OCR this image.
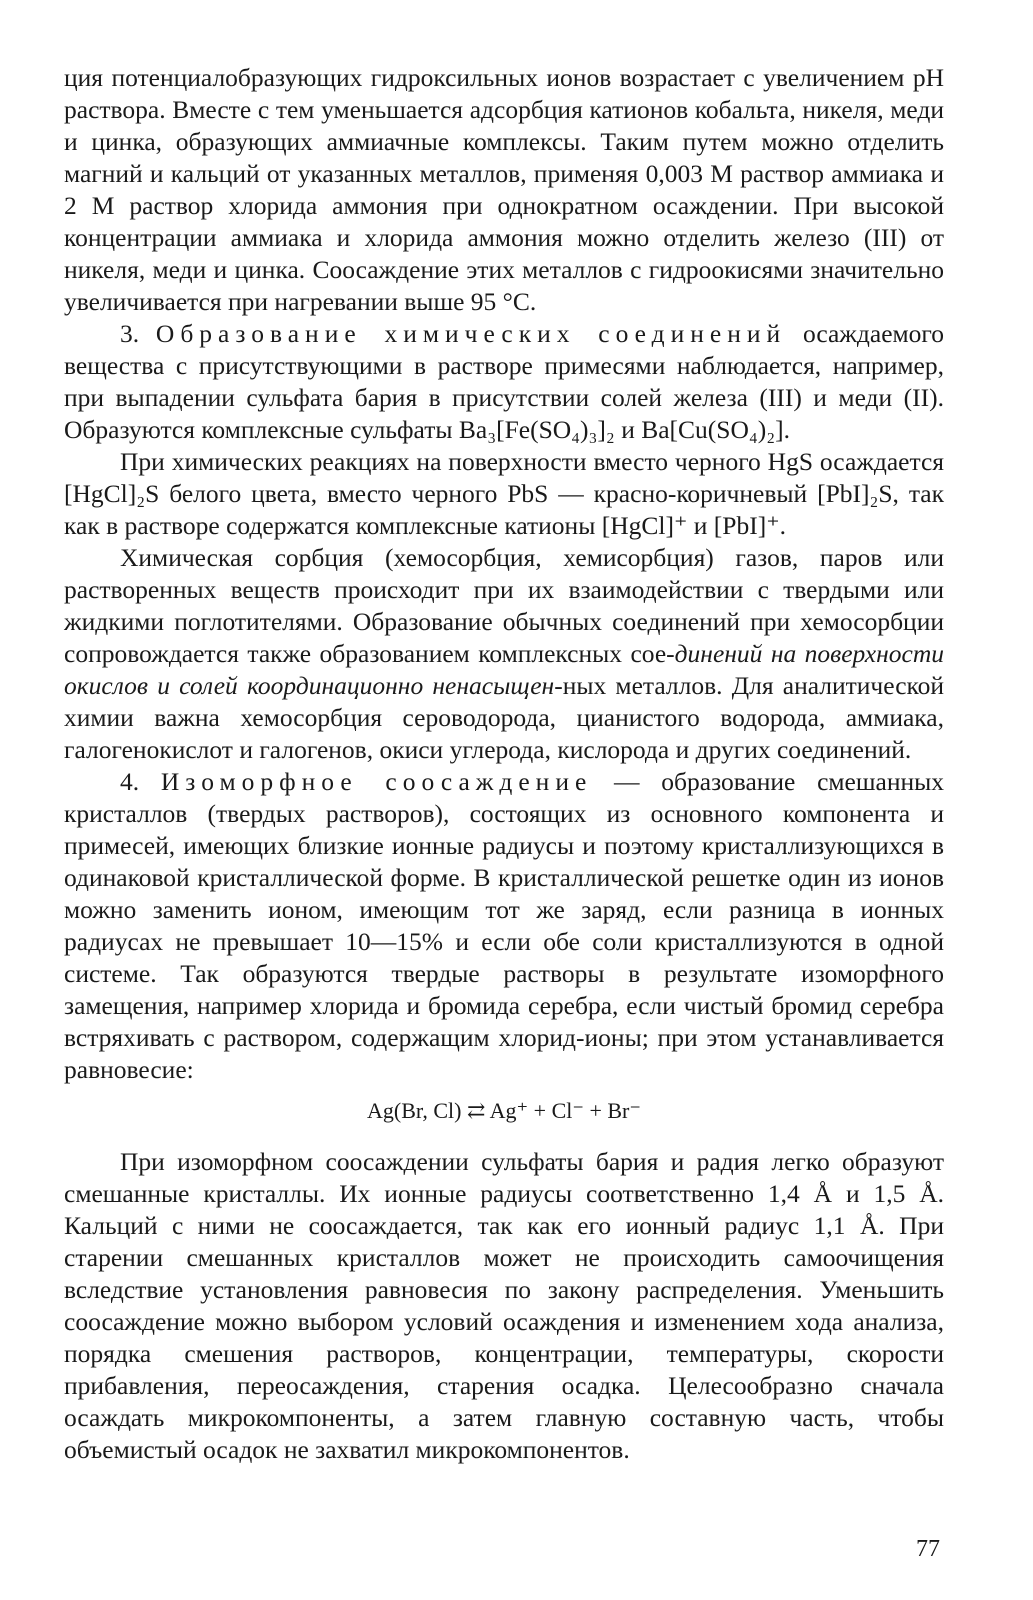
ция потенциалобразующих гидроксильных ионов возрастает с увеличением pH раствора. Вместе с тем уменьшается адсорбция катионов кобальта, никеля, меди и цинка, образующих аммиачные комплексы. Таким путем можно отделить магний и кальций от указанных металлов, применяя 0,003 М раствор аммиака и 2 М раствор хлорида аммония при однократном осаждении. При высокой концентрации аммиака и хлорида аммония можно отделить железо (III) от никеля, меди и цинка. Соосаждение этих металлов с гидроокисями значительно увеличивается при нагревании выше 95 °С.

3. Образование химических соединений осаждаемого вещества с присутствующими в растворе примесями наблюдается, например, при выпадении сульфата бария в присутствии солей железа (III) и меди (II). Образуются комплексные сульфаты Ba₃[Fe(SO₄)₃]₂ и Ba[Cu(SO₄)₂].

При химических реакциях на поверхности вместо черного HgS осаждается [HgCl]₂S белого цвета, вместо черного PbS — красно-коричневый [PbI]₂S, так как в растворе содержатся комплексные катионы [HgCl]⁺ и [PbI]⁺.

Химическая сорбция (хемосорбция, хемисорбция) газов, паров или растворенных веществ происходит при их взаимодействии с твердыми или жидкими поглотителями. Образование обычных соединений при хемосорбции сопровождается также образованием комплексных сое-динений на поверхности окислов и солей координационно ненасыщен-ных металлов. Для аналитической химии важна хемосорбция сероводорода, цианистого водорода, аммиака, галогенокислот и галогенов, окиси углерода, кислорода и других соединений.

4. Изоморфное соосаждение — образование смешанных кристаллов (твердых растворов), состоящих из основного компонента и примесей, имеющих близкие ионные радиусы и поэтому кристаллизующихся в одинаковой кристаллической форме. В кристаллической решетке один из ионов можно заменить ионом, имеющим тот же заряд, если разница в ионных радиусах не превышает 10—15% и если обе соли кристаллизуются в одной системе. Так образуются твердые растворы в результате изоморфного замещения, например хлорида и бромида серебра, если чистый бромид серебра встряхивать с раствором, содержащим хлорид-ионы; при этом устанавливается равновесие:

Ag(Br, Cl) ⇄ Ag⁺ + Cl⁻ + Br⁻

При изоморфном соосаждении сульфаты бария и радия легко образуют смешанные кристаллы. Их ионные радиусы соответственно 1,4 Å и 1,5 Å. Кальций с ними не соосаждается, так как его ионный радиус 1,1 Å. При старении смешанных кристаллов может не происходить самоочищения вследствие установления равновесия по закону распределения. Уменьшить соосаждение можно выбором условий осаждения и изменением хода анализа, порядка смешения растворов, концентрации, температуры, скорости прибавления, переосаждения, старения осадка. Целесообразно сначала осаждать микрокомпоненты, а затем главную составную часть, чтобы объемистый осадок не захватил микрокомпонентов.

77
